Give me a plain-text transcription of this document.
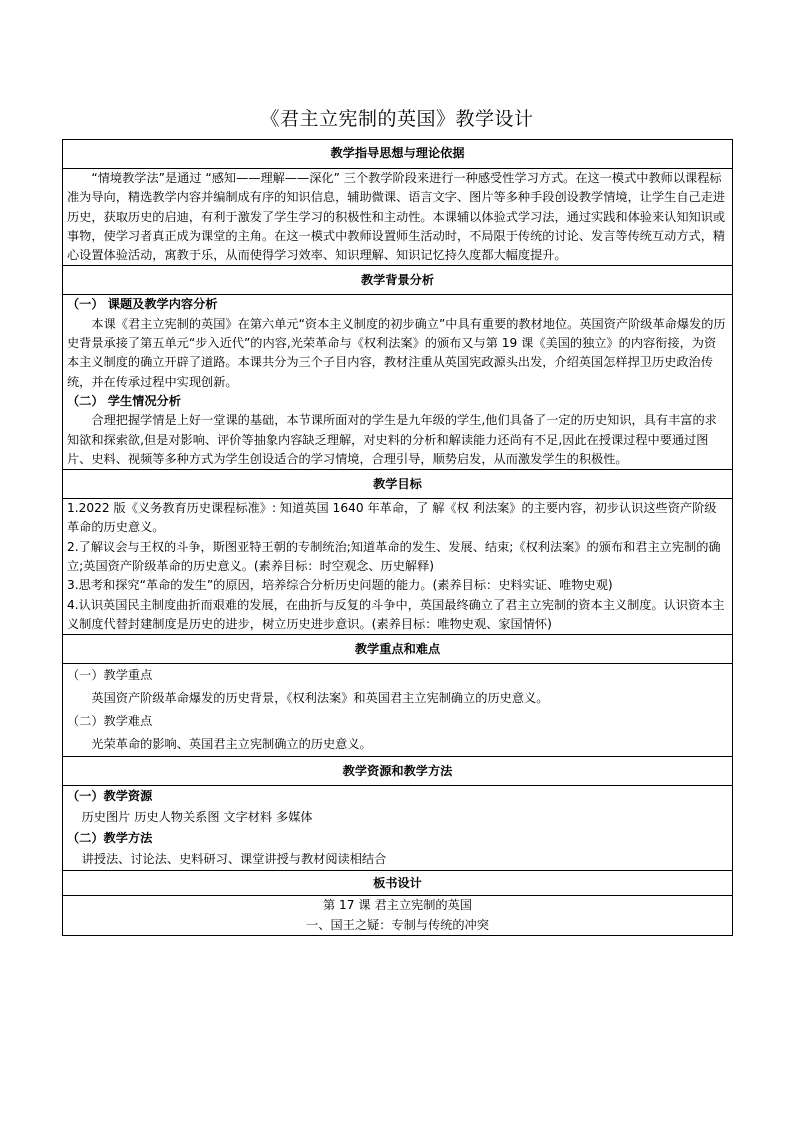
《君主立宪制的英国》教学设计
教学指导思想与理论依据

“情境教学法”是通过 “感知——理解——深化” 三个教学阶段来进行一种感受性学习方式。在这一模式中教师以课程标准为导向，精选教学内容并编制成有序的知识信息，辅助微课、语言文字、图片等多种手段创设教学情境，让学生自己走进历史，获取历史的启迪，有利于激发了学生学习的积极性和主动性。本课辅以体验式学习法，通过实践和体验来认知知识或事物，使学习者真正成为课堂的主角。在这一模式中教师设置师生活动时，不局限于传统的讨论、发言等传统互动方式，精心设置体验活动，寓教于乐，从而使得学习效率、知识理解、知识记忆持久度都大幅度提升。

教学背景分析

（一） 课题及教学内容分析

本课《君主立宪制的英国》在第六单元“资本主义制度的初步确立”中具有重要的教材地位。英国资产阶级革命爆发的历史背景承接了第五单元“步入近代”的内容,光荣革命与《权利法案》的颁布又与第 19 课《美国的独立》的内容衔接，为资本主义制度的确立开辟了道路。本课共分为三个子目内容，教材注重从英国宪政源头出发，介绍英国怎样捍卫历史政治传统，并在传承过程中实现创新。

（二） 学生情况分析

合理把握学情是上好一堂课的基础，本节课所面对的学生是九年级的学生,他们具备了一定的历史知识，具有丰富的求知欲和探索欲,但是对影响、评价等抽象内容缺乏理解，对史料的分析和解读能力还尚有不足,因此在授课过程中要通过图片、史料、视频等多种方式为学生创设适合的学习情境，合理引导，顺势启发，从而激发学生的积极性。

教学目标

1.2022 版《义务教育历史课程标准》: 知道英国 1640 年革命，了 解《权 利法案》的主要内容，初步认识这些资产阶级革命的历史意义。

2.了解议会与王权的斗争，斯图亚特王朝的专制统治;知道革命的发生、发展、结束;《权利法案》的颁布和君主立宪制的确立;英国资产阶级革命的历史意义。(素养目标：时空观念、历史解释)

3.思考和探究“革命的发生”的原因，培养综合分析历史问题的能力。(素养目标：史料实证、唯物史观)

4.认识英国民主制度曲折而艰难的发展，在曲折与反复的斗争中，英国最终确立了君主立宪制的资本主义制度。认识资本主义制度代替封建制度是历史的进步，树立历史进步意识。(素养目标：唯物史观、家国情怀)

教学重点和难点

（一）教学重点

英国资产阶级革命爆发的历史背景，《权利法案》和英国君主立宪制确立的历史意义。

（二）教学难点

光荣革命的影响、英国君主立宪制确立的历史意义。

教学资源和教学方法

（一）教学资源

历史图片 历史人物关系图 文字材料 多媒体

（二）教学方法

讲授法、讨论法、史料研习、课堂讲授与教材阅读相结合

板书设计

第 17 课 君主立宪制的英国

一、国王之疑：专制与传统的冲突
